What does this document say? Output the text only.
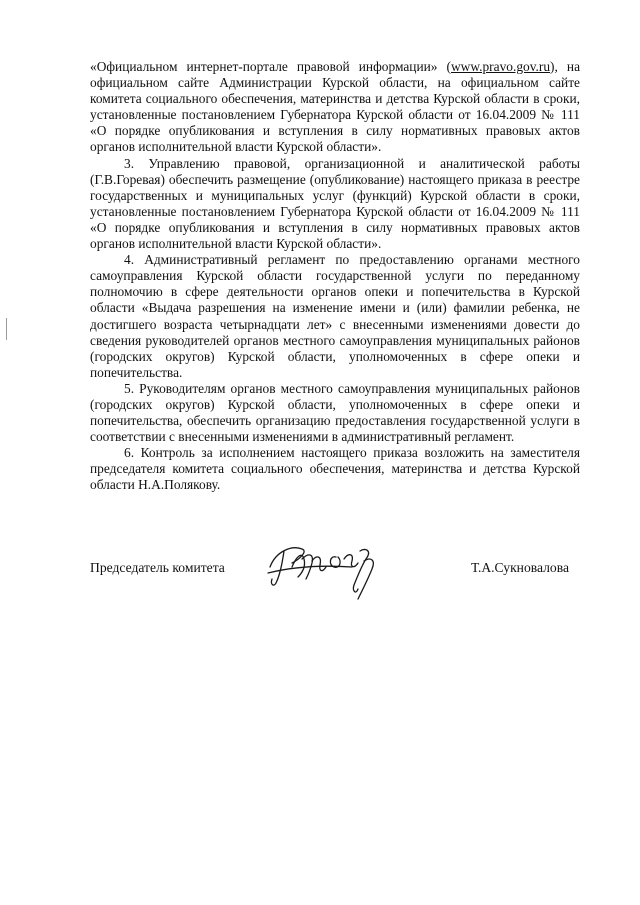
«Официальном интернет-портале правовой информации» (www.pravo.gov.ru), на официальном сайте Администрации Курской области, на официальном сайте комитета социального обеспечения, материнства и детства Курской области в сроки, установленные постановлением Губернатора Курской области от 16.04.2009 № 111 «О порядке опубликования и вступления в силу нормативных правовых актов органов исполнительной власти Курской области».

3. Управлению правовой, организационной и аналитической работы (Г.В.Горевая) обеспечить размещение (опубликование) настоящего приказа в реестре государственных и муниципальных услуг (функций) Курской области в сроки, установленные постановлением Губернатора Курской области от 16.04.2009 № 111 «О порядке опубликования и вступления в силу нормативных правовых актов органов исполнительной власти Курской области».

4. Административный регламент по предоставлению органами местного самоуправления Курской области государственной услуги по переданному полномочию в сфере деятельности органов опеки и попечительства в Курской области «Выдача разрешения на изменение имени и (или) фамилии ребенка, не достигшего возраста четырнадцати лет» с внесенными изменениями довести до сведения руководителей органов местного самоуправления муниципальных районов (городских округов) Курской области, уполномоченных в сфере опеки и попечительства.

5. Руководителям органов местного самоуправления муниципальных районов (городских округов) Курской области, уполномоченных в сфере опеки и попечительства, обеспечить организацию предоставления государственной услуги в соответствии с внесенными изменениями в административный регламент.

6. Контроль за исполнением настоящего приказа возложить на заместителя председателя комитета социального обеспечения, материнства и детства Курской области Н.А.Полякову.

Председатель комитета	Т.А.Сукновалова
